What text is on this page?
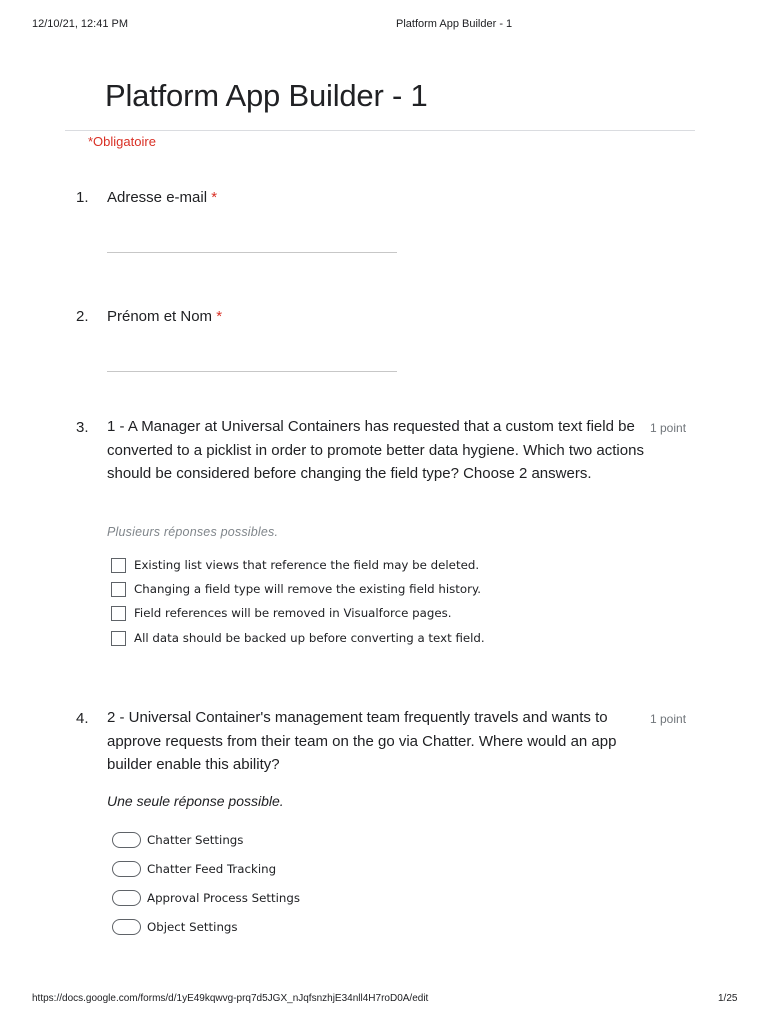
12/10/21, 12:41 PM	Platform App Builder - 1
Platform App Builder - 1
*Obligatoire
1. Adresse e-mail *
2. Prénom et Nom *
3. 1 - A Manager at Universal Containers has requested that a custom text field be converted to a picklist in order to promote better data hygiene. Which two actions should be considered before changing the field type? Choose 2 answers.
1 point
Plusieurs réponses possibles.
Existing list views that reference the field may be deleted.
Changing a field type will remove the existing field history.
Field references will be removed in Visualforce pages.
All data should be backed up before converting a text field.
4. 2 - Universal Container's management team frequently travels and wants to approve requests from their team on the go via Chatter. Where would an app builder enable this ability?
1 point
Une seule réponse possible.
Chatter Settings
Chatter Feed Tracking
Approval Process Settings
Object Settings
https://docs.google.com/forms/d/1yE49kqwvg-prq7d5JGX_nJqfsnzhjE34nll4H7roD0A/edit	1/25
